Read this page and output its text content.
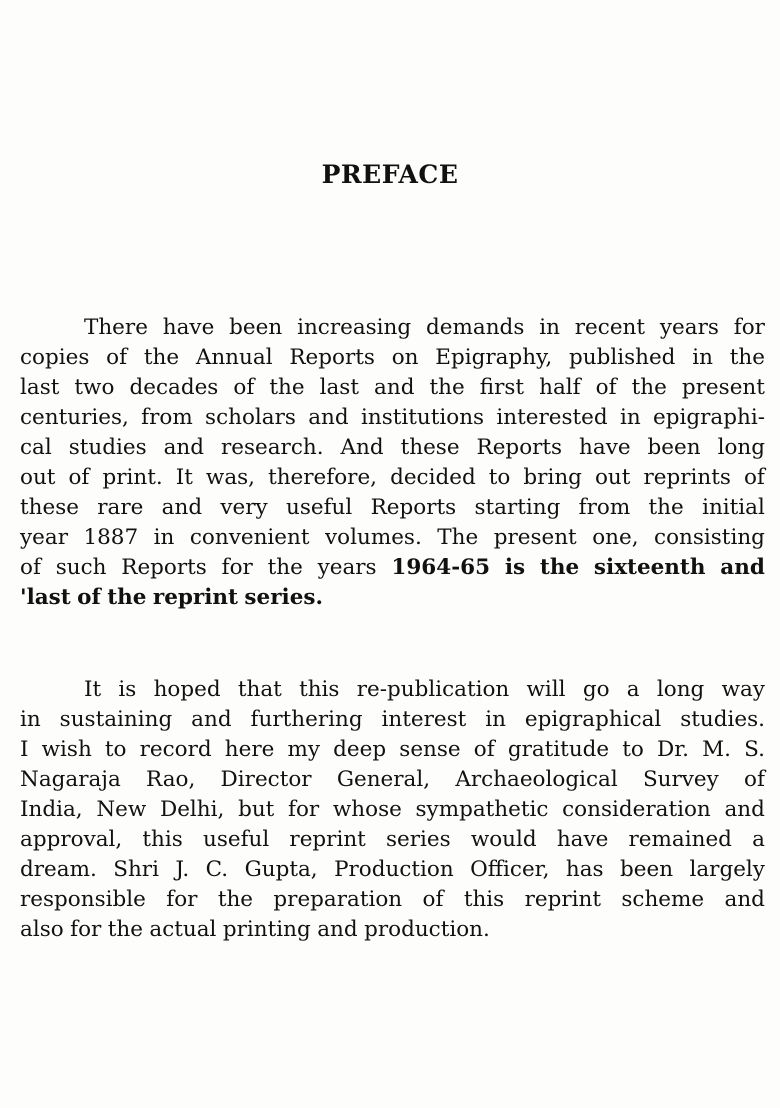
PREFACE
There have been increasing demands in recent years for
copies of the Annual Reports on Epigraphy, published in the
last two decades of the last and the first half of the present
centuries, from scholars and institutions interested in epigraphi-
cal studies and research. And these Reports have been long
out of print. It was, therefore, decided to bring out reprints of
these rare and very useful Reports starting from the initial
year 1887 in convenient volumes. The present one, consisting
of such Reports for the years 1964-65 is the sixteenth and
'last of the reprint series.
It is hoped that this re-publication will go a long way
in sustaining and furthering interest in epigraphical studies.
I wish to record here my deep sense of gratitude to Dr. M. S.
Nagaraja Rao, Director General, Archaeological Survey of
India, New Delhi, but for whose sympathetic consideration and
approval, this useful reprint series would have remained a
dream. Shri J. C. Gupta, Production Officer, has been largely
responsible for the preparation of this reprint scheme and
also for the actual printing and production.
